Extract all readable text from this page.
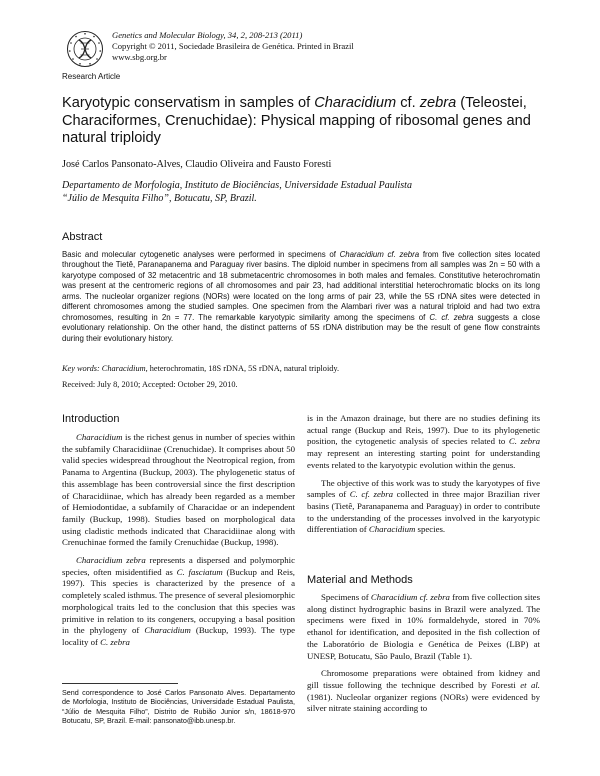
Genetics and Molecular Biology, 34, 2, 208-213 (2011)
Copyright © 2011, Sociedade Brasileira de Genética. Printed in Brazil
www.sbg.org.br
Research Article
Karyotypic conservatism in samples of Characidium cf. zebra (Teleostei, Characiformes, Crenuchidae): Physical mapping of ribosomal genes and natural triploidy
José Carlos Pansonato-Alves, Claudio Oliveira and Fausto Foresti
Departamento de Morfologia, Instituto de Biociências, Universidade Estadual Paulista
“Júlio de Mesquita Filho”, Botucatu, SP, Brazil.
Abstract
Basic and molecular cytogenetic analyses were performed in specimens of Characidium cf. zebra from five collection sites located throughout the Tietê, Paranapanema and Paraguay river basins. The diploid number in specimens from all samples was 2n = 50 with a karyotype composed of 32 metacentric and 18 submetacentric chromosomes in both males and females. Constitutive heterochromatin was present at the centromeric regions of all chromosomes and pair 23, had additional interstitial heterochromatic blocks on its long arms. The nucleolar organizer regions (NORs) were located on the long arms of pair 23, while the 5S rDNA sites were detected in different chromosomes among the studied samples. One specimen from the Alambari river was a natural triploid and had two extra chromosomes, resulting in 2n = 77. The remarkable karyotypic similarity among the specimens of C. cf. zebra suggests a close evolutionary relationship. On the other hand, the distinct patterns of 5S rDNA distribution may be the result of gene flow constraints during their evolutionary history.
Key words: Characidium, heterochromatin, 18S rDNA, 5S rDNA, natural triploidy.
Received: July 8, 2010; Accepted: October 29, 2010.
Introduction

Characidium is the richest genus in number of species within the subfamily Characidiinae (Crenuchidae). It comprises about 50 valid species widespread throughout the Neotropical region, from Panama to Argentina (Buckup, 2003). The phylogenetic status of this assemblage has been controversial since the first description of Characidiinae, which has already been regarded as a member of Hemiodontidae, a subfamily of Characidae or an independent family (Buckup, 1998). Studies based on morphological data using cladistic methods indicated that Characidiinae along with Crenuchinae formed the family Crenuchidae (Buckup, 1998).

Characidium zebra represents a dispersed and polymorphic species, often misidentified as C. fasciatum (Buckup and Reis, 1997). This species is characterized by the presence of a completely scaled isthmus. The presence of several plesiomorphic morphological traits led to the conclusion that this species was primitive in relation to its congeners, occupying a basal position in the phylogeny of Characidium (Buckup, 1993). The type locality of C. zebra

is in the Amazon drainage, but there are no studies defining its actual range (Buckup and Reis, 1997). Due to its phylogenetic position, the cytogenetic analysis of species related to C. zebra may represent an interesting starting point for understanding events related to the karyotypic evolution within the genus.

The objective of this work was to study the karyotypes of five samples of C. cf. zebra collected in three major Brazilian river basins (Tietê, Paranapanema and Paraguay) in order to contribute to the understanding of the processes involved in the karyotypic differentiation of Characidium species.

Material and Methods

Specimens of Characidium cf. zebra from five collection sites along distinct hydrographic basins in Brazil were analyzed. The specimens were fixed in 10% formaldehyde, stored in 70% ethanol for identification, and deposited in the fish collection of the Laboratório de Biologia e Genética de Peixes (LBP) at UNESP, Botucatu, São Paulo, Brazil (Table 1).

Chromosome preparations were obtained from kidney and gill tissue following the technique described by Foresti et al. (1981). Nucleolar organizer regions (NORs) were evidenced by silver nitrate staining according to

Send correspondence to José Carlos Pansonato Alves. Departamento de Morfologia, Instituto de Biociências, Universidade Estadual Paulista, “Júlio de Mesquita Filho”, Distrito de Rubião Junior s/n, 18618-970 Botucatu, SP, Brazil. E-mail: pansonato@ibb.unesp.br.
